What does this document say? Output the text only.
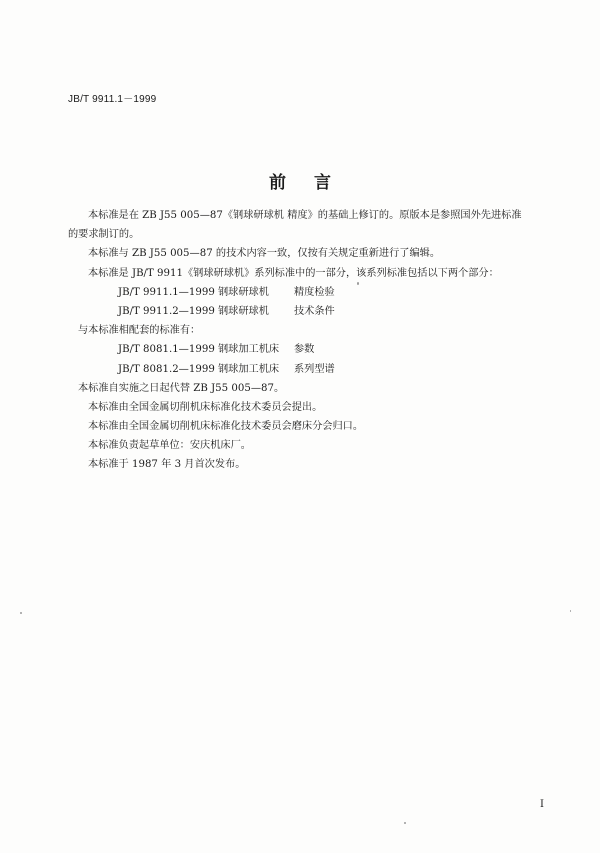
JB/T 9911.1－1999
前言
本标准是在 ZB J55 005—87《钢球研球机 精度》的基础上修订的。原版本是参照国外先进标准
的要求制订的。
本标准与 ZB J55 005—87 的技术内容一致，仅按有关规定重新进行了编辑。
本标准是 JB/T 9911《钢球研球机》系列标准中的一部分，该系列标准包括以下两个部分：
JB/T 9911.1—1999 钢球研球机 精度检验
JB/T 9911.2—1999 钢球研球机 技术条件
与本标准相配套的标准有：
JB/T 8081.1—1999 钢球加工机床 参数
JB/T 8081.2—1999 钢球加工机床 系列型谱
本标准自实施之日起代替 ZB J55 005—87。
本标准由全国金属切削机床标准化技术委员会提出。
本标准由全国金属切削机床标准化技术委员会磨床分会归口。
本标准负责起草单位：安庆机床厂。
本标准于 1987 年 3 月首次发布。
I
